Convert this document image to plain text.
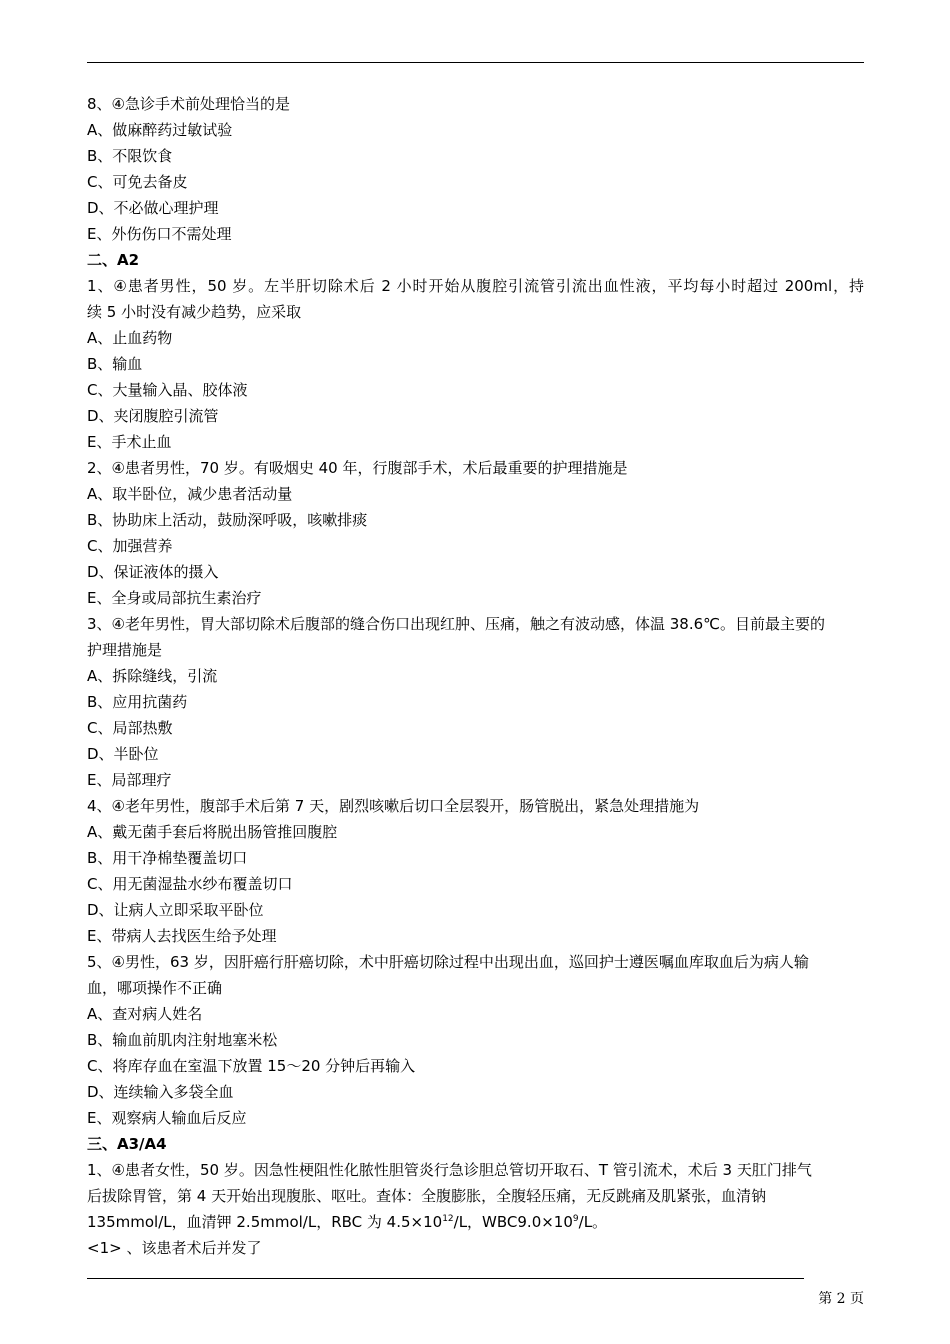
8、④急诊手术前处理恰当的是
A、做麻醉药过敏试验
B、不限饮食
C、可免去备皮
D、不必做心理护理
E、外伤伤口不需处理
二、A2
1、④患者男性，50 岁。左半肝切除术后 2 小时开始从腹腔引流管引流出血性液，平均每小时超过 200ml，持
续 5 小时没有减少趋势，应采取
A、止血药物
B、输血
C、大量输入晶、胶体液
D、夹闭腹腔引流管
E、手术止血
2、④患者男性，70 岁。有吸烟史 40 年，行腹部手术，术后最重要的护理措施是
A、取半卧位，减少患者活动量
B、协助床上活动，鼓励深呼吸，咳嗽排痰
C、加强营养
D、保证液体的摄入
E、全身或局部抗生素治疗
3、④老年男性，胃大部切除术后腹部的缝合伤口出现红肿、压痛，触之有波动感，体温 38.6℃。目前最主要的
护理措施是
A、拆除缝线，引流
B、应用抗菌药
C、局部热敷
D、半卧位
E、局部理疗
4、④老年男性，腹部手术后第 7 天，剧烈咳嗽后切口全层裂开，肠管脱出，紧急处理措施为
A、戴无菌手套后将脱出肠管推回腹腔
B、用干净棉垫覆盖切口
C、用无菌湿盐水纱布覆盖切口
D、让病人立即采取平卧位
E、带病人去找医生给予处理
5、④男性，63 岁，因肝癌行肝癌切除，术中肝癌切除过程中出现出血，巡回护士遵医嘱血库取血后为病人输
血，哪项操作不正确
A、查对病人姓名
B、输血前肌肉注射地塞米松
C、将库存血在室温下放置 15～20 分钟后再输入
D、连续输入多袋全血
E、观察病人输血后反应
三、A3/A4
1、④患者女性，50 岁。因急性梗阻性化脓性胆管炎行急诊胆总管切开取石、T 管引流术，术后 3 天肛门排气
后拔除胃管，第 4 天开始出现腹胀、呕吐。查体：全腹膨胀，全腹轻压痛，无反跳痛及肌紧张，血清钠
135mmol/L，血清钾 2.5mmol/L，RBC 为 $4.5\times 10^{12}/L$，$WBC9.0\times 10^9/L$。
<1> 、该患者术后并发了
第 2 页
